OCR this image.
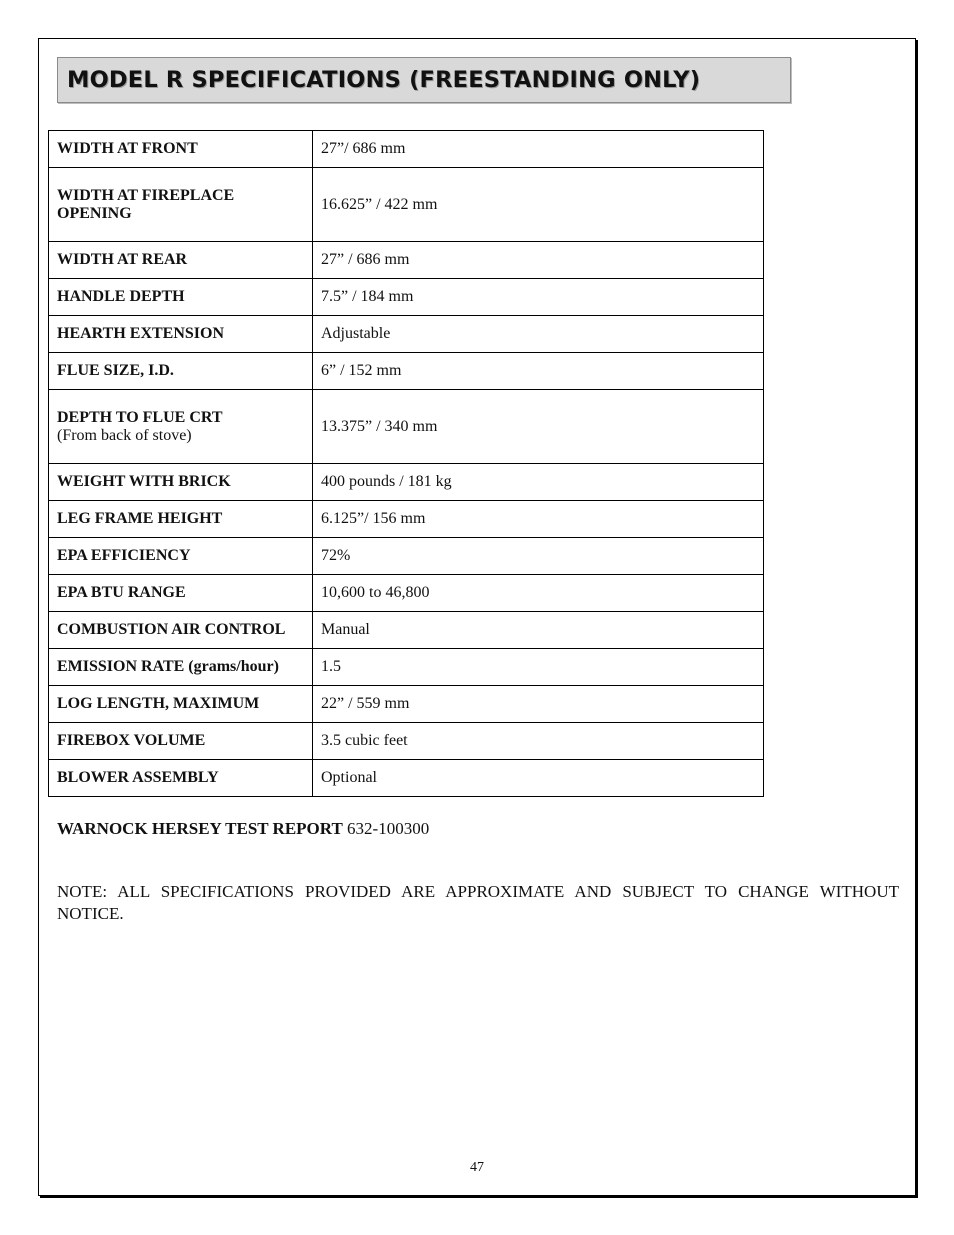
MODEL R SPECIFICATIONS (FREESTANDING ONLY)
WIDTH AT FRONT	27”/ 686 mm
WIDTH AT FIREPLACE OPENING	16.625” / 422 mm
WIDTH AT REAR	27” / 686 mm
HANDLE DEPTH	7.5” / 184 mm
HEARTH EXTENSION	Adjustable
FLUE SIZE, I.D.	6” / 152 mm
DEPTH TO FLUE CRT
(From back of stove)	13.375” / 340 mm
WEIGHT WITH BRICK	400 pounds / 181 kg
LEG FRAME HEIGHT	6.125”/ 156 mm
EPA EFFICIENCY	72%
EPA BTU RANGE	10,600 to 46,800
COMBUSTION AIR CONTROL	Manual
EMISSION RATE (grams/hour)	1.5
LOG LENGTH, MAXIMUM	22” / 559 mm
FIREBOX VOLUME	3.5 cubic feet
BLOWER ASSEMBLY	Optional
WARNOCK HERSEY TEST REPORT 632-100300
NOTE: ALL SPECIFICATIONS PROVIDED ARE APPROXIMATE AND SUBJECT TO CHANGE WITHOUT NOTICE.
47
